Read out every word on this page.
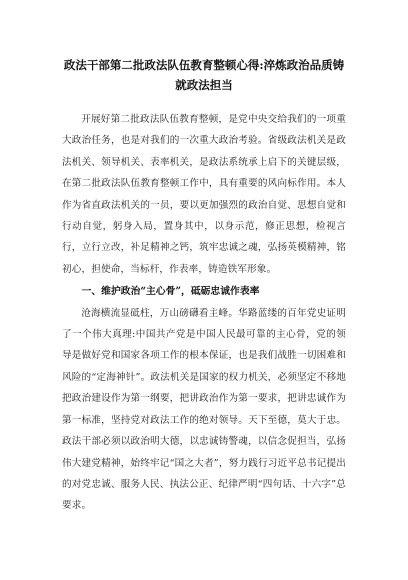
政法干部第二批政法队伍教育整顿心得:淬炼政治品质铸就政法担当

开展好第二批政法队伍教育整顿，是党中央交给我们的一项重大政治任务，也是对我们的一次重大政治考验。省级政法机关是政法机关、领导机关、表率机关，是政法系统承上启下的关键层级，在第二批政法队伍教育整顿工作中，具有重要的风向标作用。本人作为省直政法机关的一员，要以更加强烈的政治自觉、思想自觉和行动自觉，躬身入局，置身其中，以身示范，修正思想，检视言行，立行立改，补足精神之钙，筑牢忠诚之魂，弘扬英模精神，铭初心，担使命，当标杆，作表率，铸造铁军形象。

一、维护政治“主心骨”，砥砺忠诚作表率

沧海横流显砥柱，万山磅礴看主峰。华路蓝缕的百年党史证明了一个伟大真理:中国共产党是中国人民最可靠的主心骨，党的领导是做好党和国家各项工作的根本保证，也是我们战胜一切困难和风险的“定海神针”。政法机关是国家的权力机关，必须坚定不移地把政治建设作为第一纲要，把讲政治作为第一要求，把讲忠诚作为第一标准，坚持党对政法工作的绝对领导。天下至德，莫大于忠。政法干部必须以政治明大德，以忠诚铸警魂，以信念促担当，弘扬伟大建党精神，始终牢记“国之大者”，努力践行习近平总书记提出的对党忠诚、服务人民、执法公正、纪律严明“四句话、十六字”总要求。
